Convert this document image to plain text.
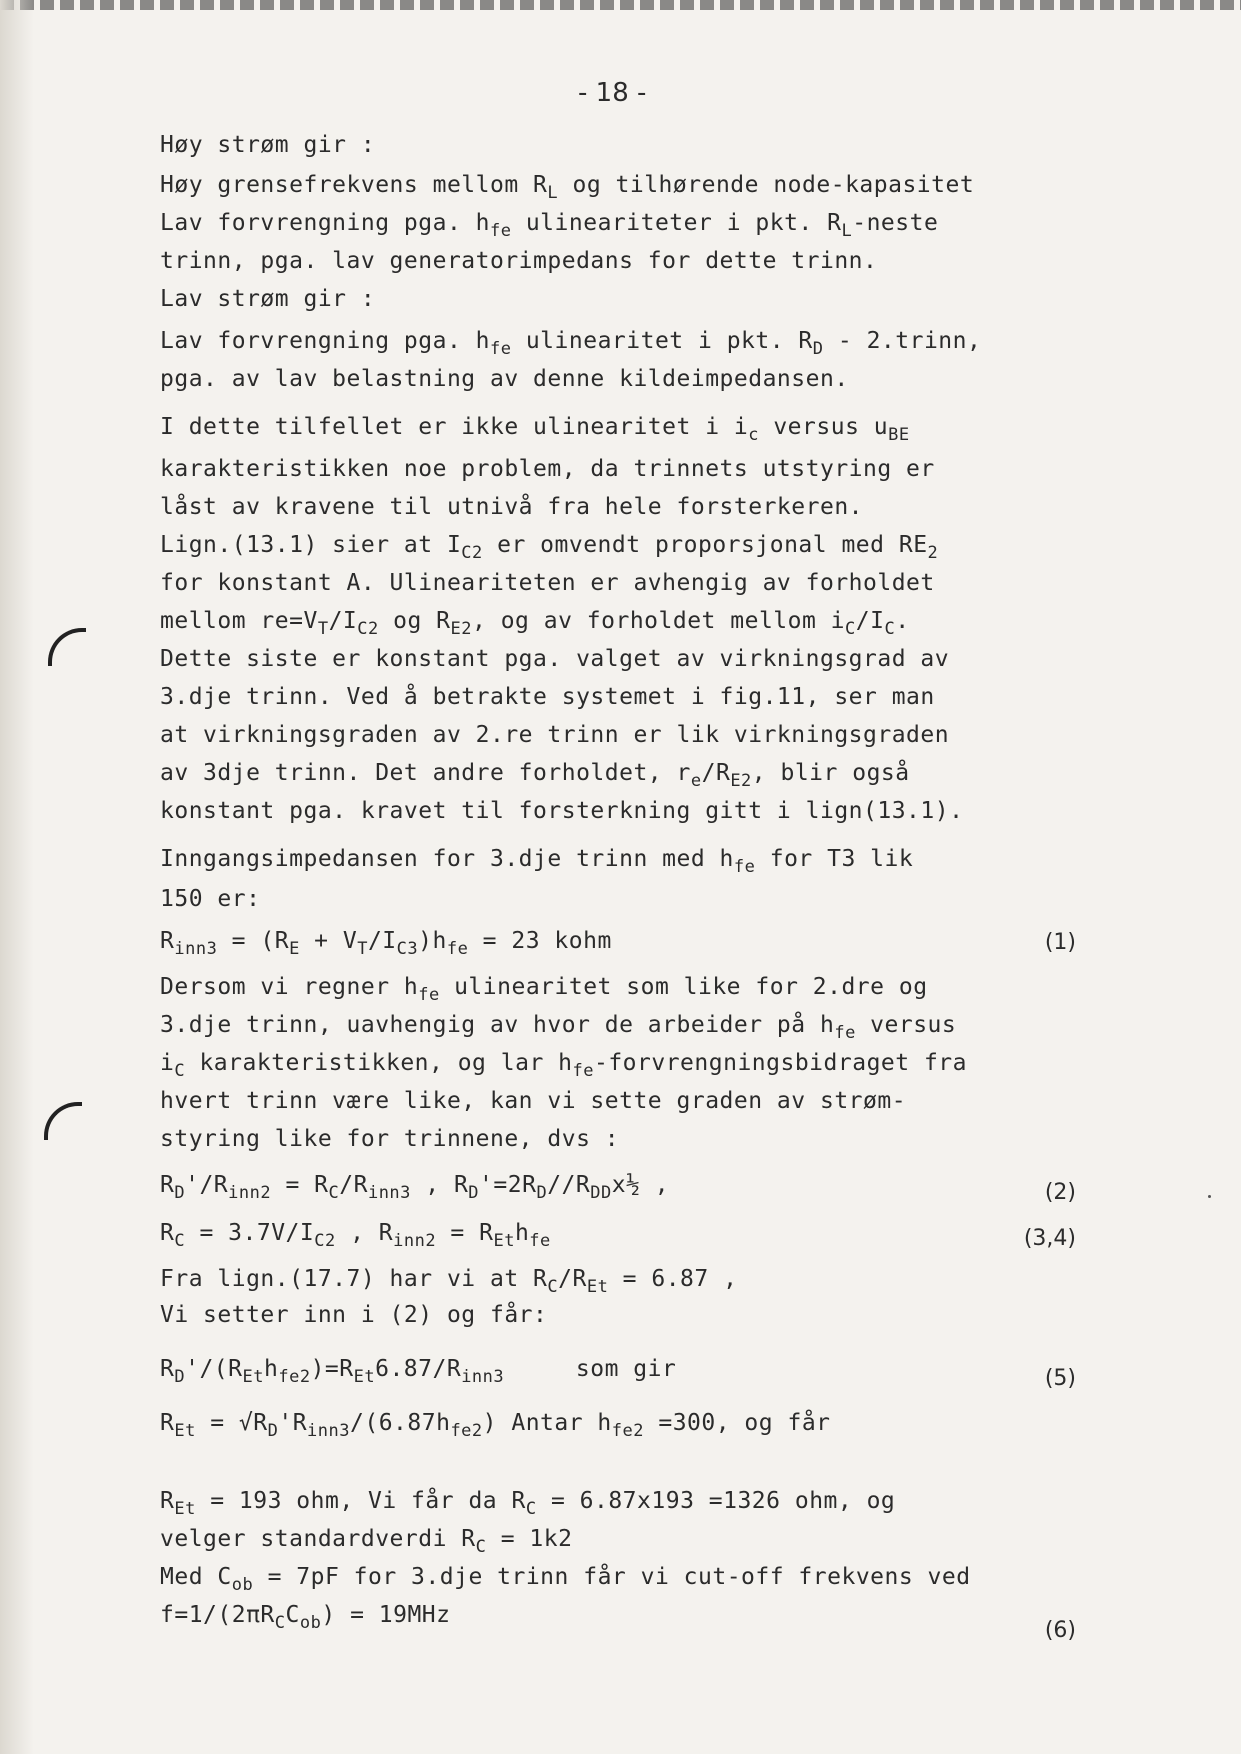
- 18 -
Høy strøm gir :
Høy grensefrekvens mellom $R_L$ og tilhørende node-kapasitet
Lav forvrengning pga. $h_{fe}$ ulineariteter i pkt. $R_L$-neste
trinn, pga. lav generatorimpedans for dette trinn.
Lav strøm gir :
Lav forvrengning pga. $h_{fe}$ ulinearitet i pkt. $R_D$ - 2.trinn,
pga. av lav belastning av denne kildeimpedansen.
I dette tilfellet er ikke ulinearitet i $i_c$ versus $u_{BE}$
karakteristikken noe problem, da trinnets utstyring er
låst av kravene til utnivå fra hele forsterkeren.
Lign.(13.1) sier at $I_{C2}$ er omvendt proporsjonal med $RE_2$
for konstant A. Ulineariteten er avhengig av forholdet
mellom $re=V_T/I_{C2}$ og $R_{E2}$, og av forholdet mellom $i_C/I_C$.
Dette siste er konstant pga. valget av virkningsgrad av
3.dje trinn. Ved å betrakte systemet i fig.11, ser man
at virkningsgraden av 2.re trinn er lik virkningsgraden
av 3dje trinn. Det andre forholdet, $r_e/R_{E2}$, blir også
konstant pga. kravet til forsterkning gitt i lign(13.1).
Inngangsimpedansen for 3.dje trinn med $h_{fe}$ for T3 lik
150 er:
$R_{inn3} = (R_E + V_T/I_{C3})h_{fe} = 23$ kohm
Dersom vi regner $h_{fe}$ ulinearitet som like for 2.dre og
3.dje trinn, uavhengig av hvor de arbeider på $h_{fe}$ versus
$i_C$ karakteristikken, og lar $h_{fe}$-forvrengningsbidraget fra
hvert trinn være like, kan vi sette graden av strøm-
styring like for trinnene, dvs :
$R_D'/R_{inn2} = R_C/R_{inn3}$ , $R_D'=2R_D//R_{DD}x\frac{1}{2}$ ,
$R_C = 3.7V/I_{C2}$ , $R_{inn2} = R_{Et}h_{fe}$
Fra lign.(17.7) har vi at $R_C/R_{Et} = 6.87$ ,
Vi setter inn i (2) og får:
$R_D'/(R_{Et}h_{fe2})=R_{Et}6.87/R_{inn3}$     som gir
$R_{Et} = √R_D'R_{inn3}/(6.87h_{fe2})$ Antar $h_{fe2} =300$, og får
$R_{Et} = 193$ ohm, Vi får da $R_C = 6.87x193 =1326$ ohm, og
velger standardverdi $R_C = 1k2$
Med $C_{ob} = 7pF$ for 3.dje trinn får vi cut-off frekvens ved
$f=1/(2\pi R_CC_{ob}) = 19MHz$
(1)
(2)
(3,4)
(5)
(6)
